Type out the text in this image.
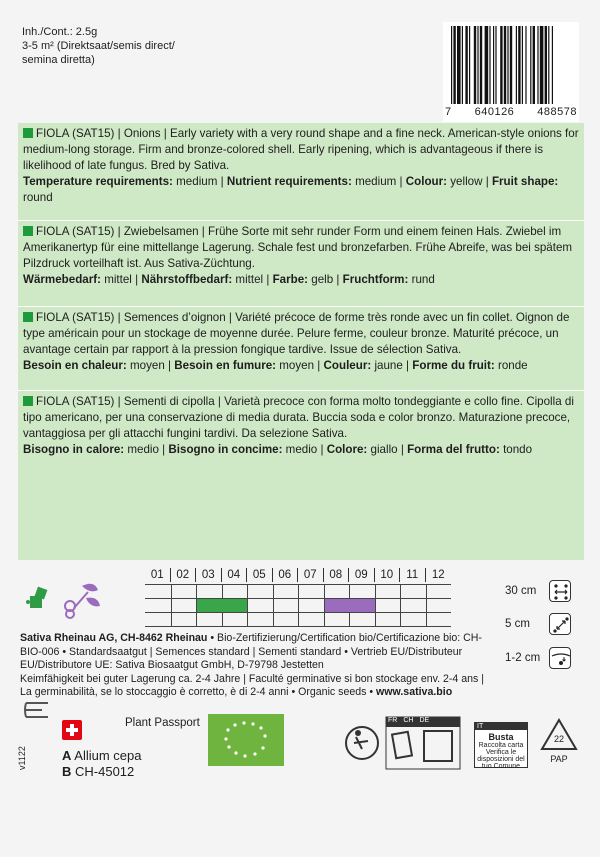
Inh./Cont.: 2.5g
3-5 m² (Direktsaat/semis direct/
semina diretta)
7 640126 488578
FIOLA (SAT15) | Onions | Early variety with a very round shape and a fine neck. American-style onions for medium-long storage. Firm and bronze-colored shell. Early ripening, which is advantageous if there is likelihood of late fungus. Bred by Sativa.
Temperature requirements: medium | Nutrient requirements: medium | Colour: yellow | Fruit shape: round
FIOLA (SAT15) | Zwiebelsamen | Frühe Sorte mit sehr runder Form und einem feinen Hals. Zwiebel im Amerikanertyp für eine mittellange Lagerung. Schale fest und bronzefarben. Frühe Abreife, was bei spätem Pilzdruck vorteilhaft ist. Aus Sativa-Züchtung.
Wärmebedarf: mittel | Nährstoffbedarf: mittel | Farbe: gelb | Fruchtform: rund
FIOLA (SAT15) | Semences d’oignon | Variété précoce de forme très ronde avec un fin collet. Oignon de type américain pour un stockage de moyenne durée. Pelure ferme, couleur bronze. Maturité précoce, un avantage certain par rapport à la pression fongique tardive. Issue de sélection Sativa.
Besoin en chaleur: moyen | Besoin en fumure: moyen | Couleur: jaune | Forme du fruit: ronde
FIOLA (SAT15) | Sementi di cipolla | Varietà precoce con forma molto tondeggiante e collo fine. Cipolla di tipo americano, per una conservazione di media durata. Buccia soda e color bronzo. Maturazione precoce, vantaggiosa per gli attacchi fungini tardivi. Da selezione Sativa.
Bisogno in calore: medio | Bisogno in concime: medio | Colore: giallo | Forma del frutto: tondo
01	02	03	04	05	06	07	08	09	10	11	12
30 cm
5 cm
1-2 cm
Sativa Rheinau AG, CH-8462 Rheinau • Bio-Zertifizierung/Certification bio/Certificazione bio: CH-BIO-006 • Standardsaatgut | Semences standard | Sementi standard • Vertrieb EU/Distributeur EU/Distributore UE: Sativa Biosaatgut GmbH, D-79798 Jestetten
Keimfähigkeit bei guter Lagerung ca. 2-4 Jahre | Faculté germinative si bon stockage env. 2-4 ans | La germinabilità, se lo stoccaggio è corretto, è di 2-4 anni • Organic seeds • www.sativa.bio
v1122
Plant Passport
A Allium cepa
B CH-45012
FR CH DE
IT
Busta
Raccolta carta
Verifica le disposizioni del tuo Comune
22
PAP
